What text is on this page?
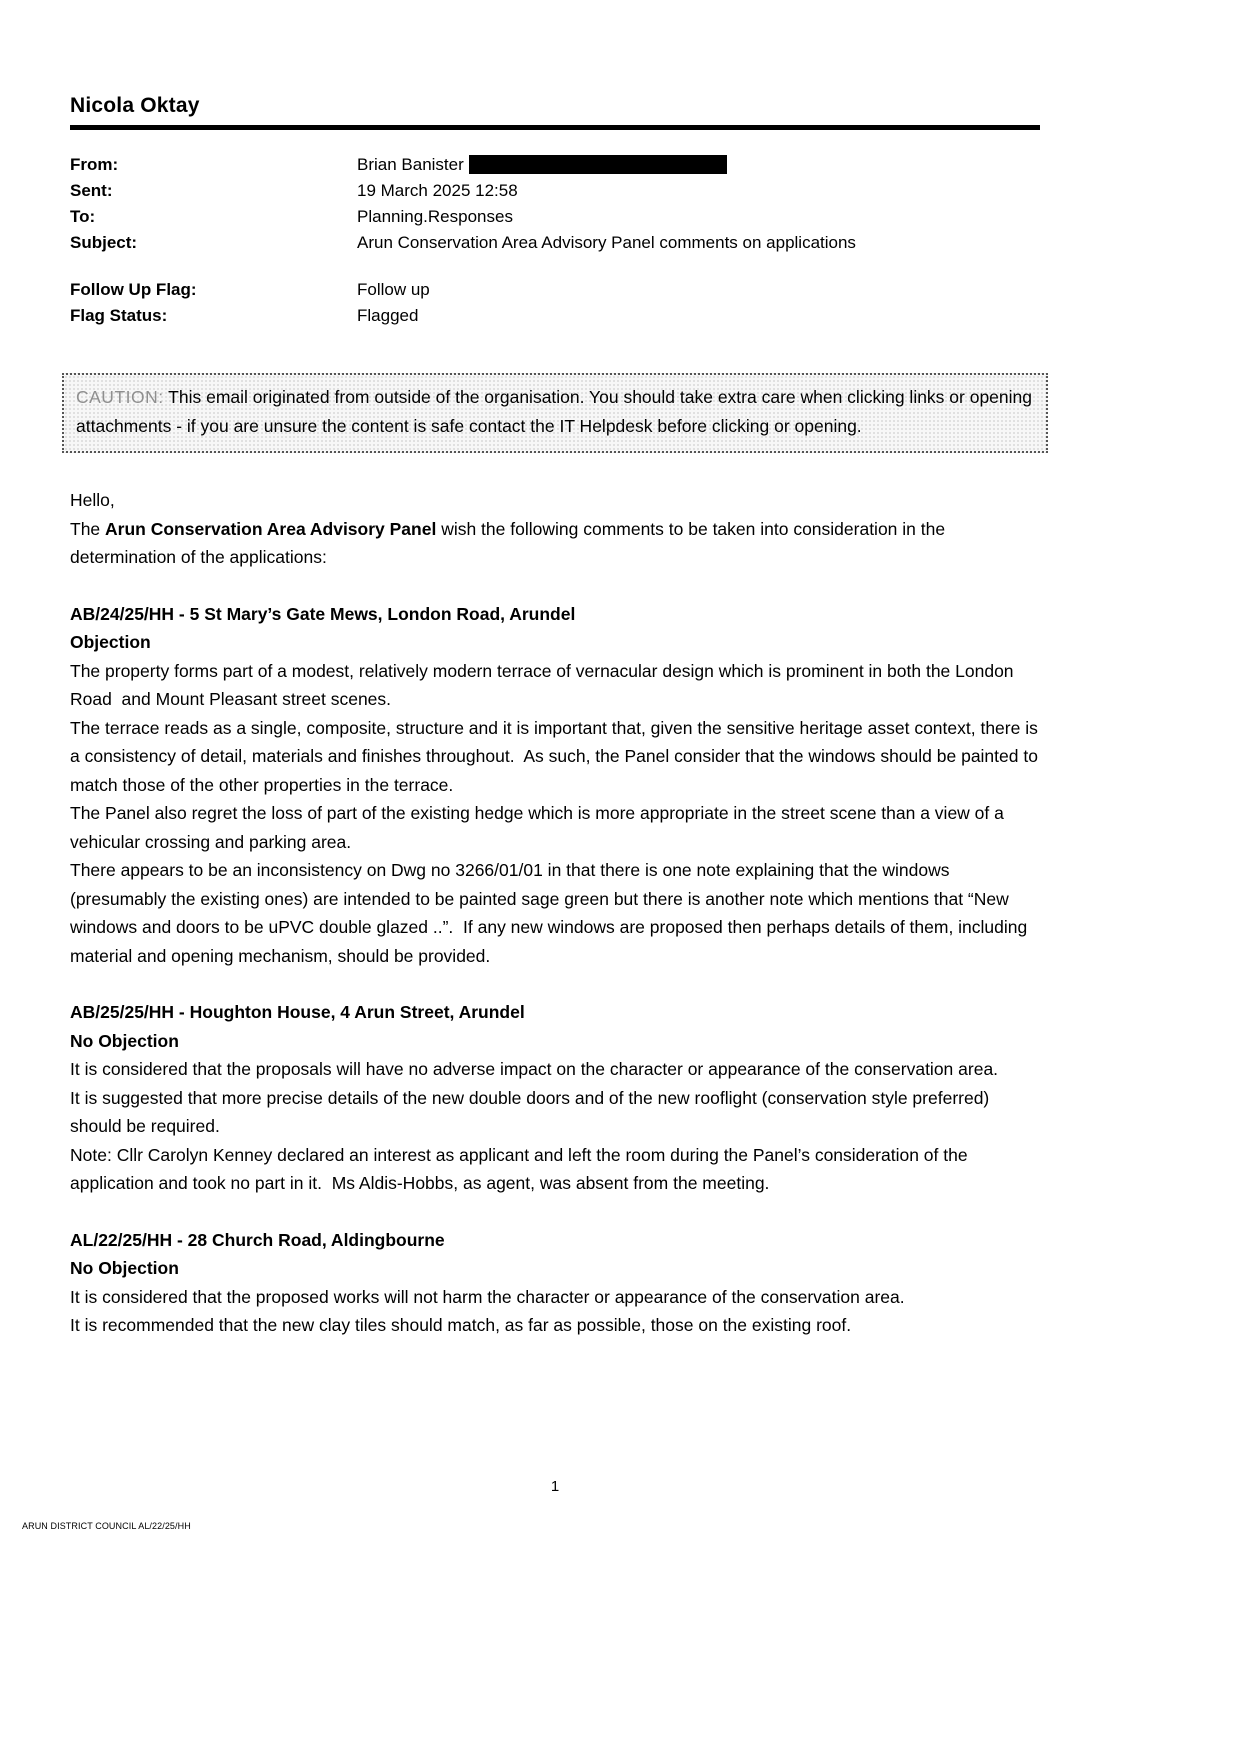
Nicola Oktay
From:	Brian Banister
Sent:	19 March 2025 12:58
To:	Planning.Responses
Subject:	Arun Conservation Area Advisory Panel comments on applications
Follow Up Flag:	Follow up
Flag Status:	Flagged
CAUTION: This email originated from outside of the organisation. You should take extra care when clicking links or opening attachments - if you are unsure the content is safe contact the IT Helpdesk before clicking or opening.

Hello,

The Arun Conservation Area Advisory Panel wish the following comments to be taken into consideration in the determination of the applications:

AB/24/25/HH - 5 St Mary’s Gate Mews, London Road, Arundel
Objection

The property forms part of a modest, relatively modern terrace of vernacular design which is prominent in both the London Road  and Mount Pleasant street scenes.

The terrace reads as a single, composite, structure and it is important that, given the sensitive heritage asset context, there is a consistency of detail, materials and finishes throughout.  As such, the Panel consider that the windows should be painted to match those of the other properties in the terrace.

The Panel also regret the loss of part of the existing hedge which is more appropriate in the street scene than a view of a vehicular crossing and parking area.

There appears to be an inconsistency on Dwg no 3266/01/01 in that there is one note explaining that the windows (presumably the existing ones) are intended to be painted sage green but there is another note which mentions that “New windows and doors to be uPVC double glazed ..”.  If any new windows are proposed then perhaps details of them, including material and opening mechanism, should be provided.

AB/25/25/HH - Houghton House, 4 Arun Street, Arundel
No Objection

It is considered that the proposals will have no adverse impact on the character or appearance of the conservation area.

It is suggested that more precise details of the new double doors and of the new rooflight (conservation style preferred) should be required.

Note: Cllr Carolyn Kenney declared an interest as applicant and left the room during the Panel’s consideration of the application and took no part in it.  Ms Aldis-Hobbs, as agent, was absent from the meeting.

AL/22/25/HH - 28 Church Road, Aldingbourne
No Objection

It is considered that the proposed works will not harm the character or appearance of the conservation area.

It is recommended that the new clay tiles should match, as far as possible, those on the existing roof.

1
ARUN DISTRICT COUNCIL AL/22/25/HH
